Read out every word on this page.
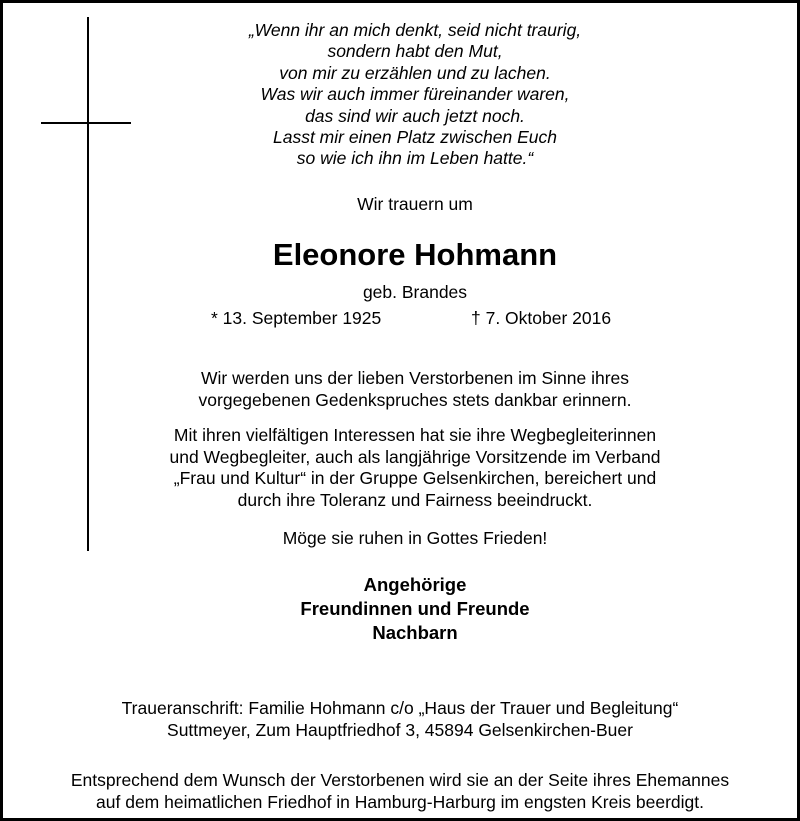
„Wenn ihr an mich denkt, seid nicht traurig,
sondern habt den Mut,
von mir zu erzählen und zu lachen.
Was wir auch immer füreinander waren,
das sind wir auch jetzt noch.
Lasst mir einen Platz zwischen Euch
so wie ich ihn im Leben hatte.“
Wir trauern um
Eleonore Hohmann
geb. Brandes
* 13. September 1925	† 7. Oktober 2016
Wir werden uns der lieben Verstorbenen im Sinne ihres
vorgegebenen Gedenkspruches stets dankbar erinnern.
Mit ihren vielfältigen Interessen hat sie ihre Wegbegleiterinnen
und Wegbegleiter, auch als langjährige Vorsitzende im Verband
„Frau und Kultur“ in der Gruppe Gelsenkirchen, bereichert und
durch ihre Toleranz und Fairness beeindruckt.
Möge sie ruhen in Gottes Frieden!
Angehörige
Freundinnen und Freunde
Nachbarn
Traueranschrift: Familie Hohmann c/o „Haus der Trauer und Begleitung“
Suttmeyer, Zum Hauptfriedhof 3, 45894 Gelsenkirchen-Buer
Entsprechend dem Wunsch der Verstorbenen wird sie an der Seite ihres Ehemannes
auf dem heimatlichen Friedhof in Hamburg-Harburg im engsten Kreis beerdigt.
